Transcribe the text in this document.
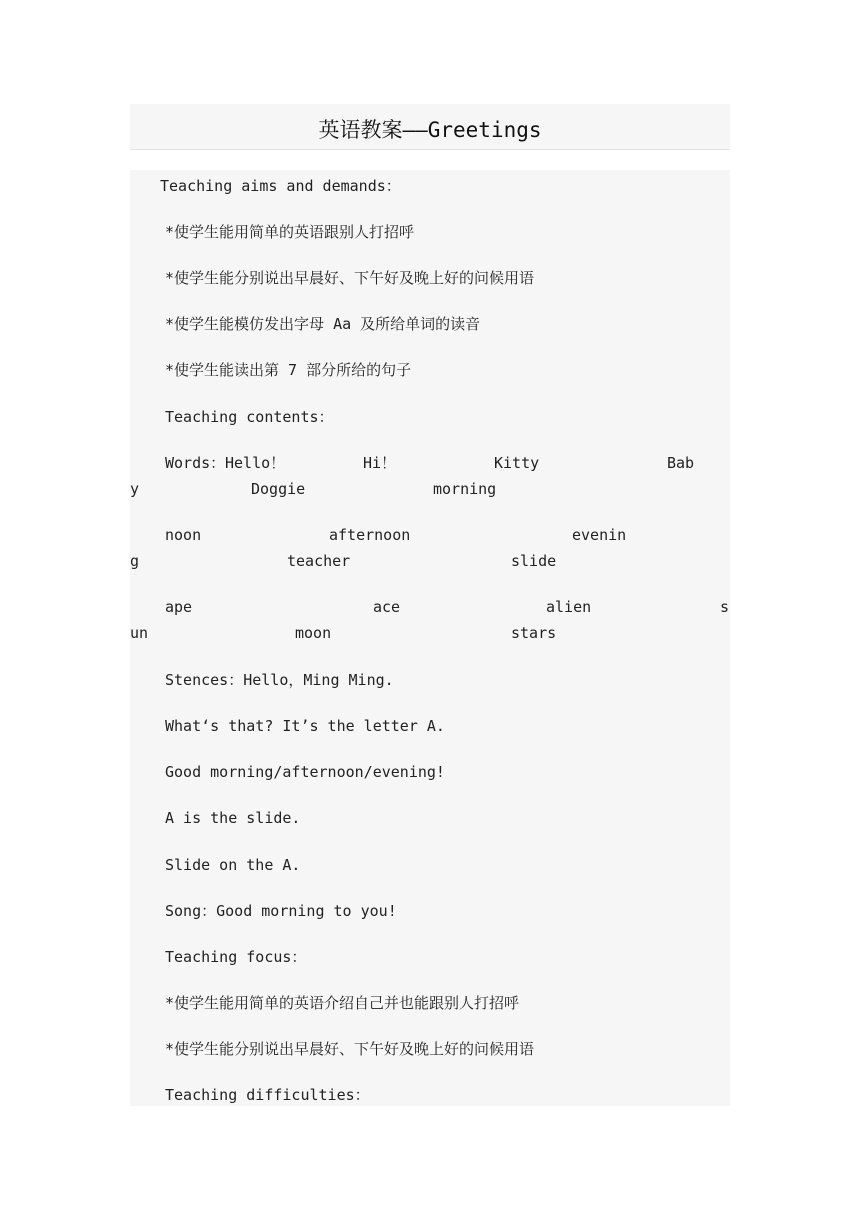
英语教案——Greetings
Teaching aims and demands：
*使学生能用简单的英语跟别人打招呼
*使学生能分别说出早晨好、下午好及晚上好的问候用语
*使学生能模仿发出字母 Aa 及所给单词的读音
*使学生能读出第 7 部分所给的句子
Teaching contents：
Words： Hello！	Hi！	Kitty	Bab
y	Doggie	morning
noon	afternoon	evenin
g	teacher	slide
ape	ace	alien	s
un	moon	stars
Stences：Hello，Ming Ming.
What‘s that? It’s the letter A.
Good morning/afternoon/evening!
A is the slide.
Slide on the A.
Song：Good morning to you!
Teaching focus：
*使学生能用简单的英语介绍自己并也能跟别人打招呼
*使学生能分别说出早晨好、下午好及晚上好的问候用语
Teaching difficulties：
